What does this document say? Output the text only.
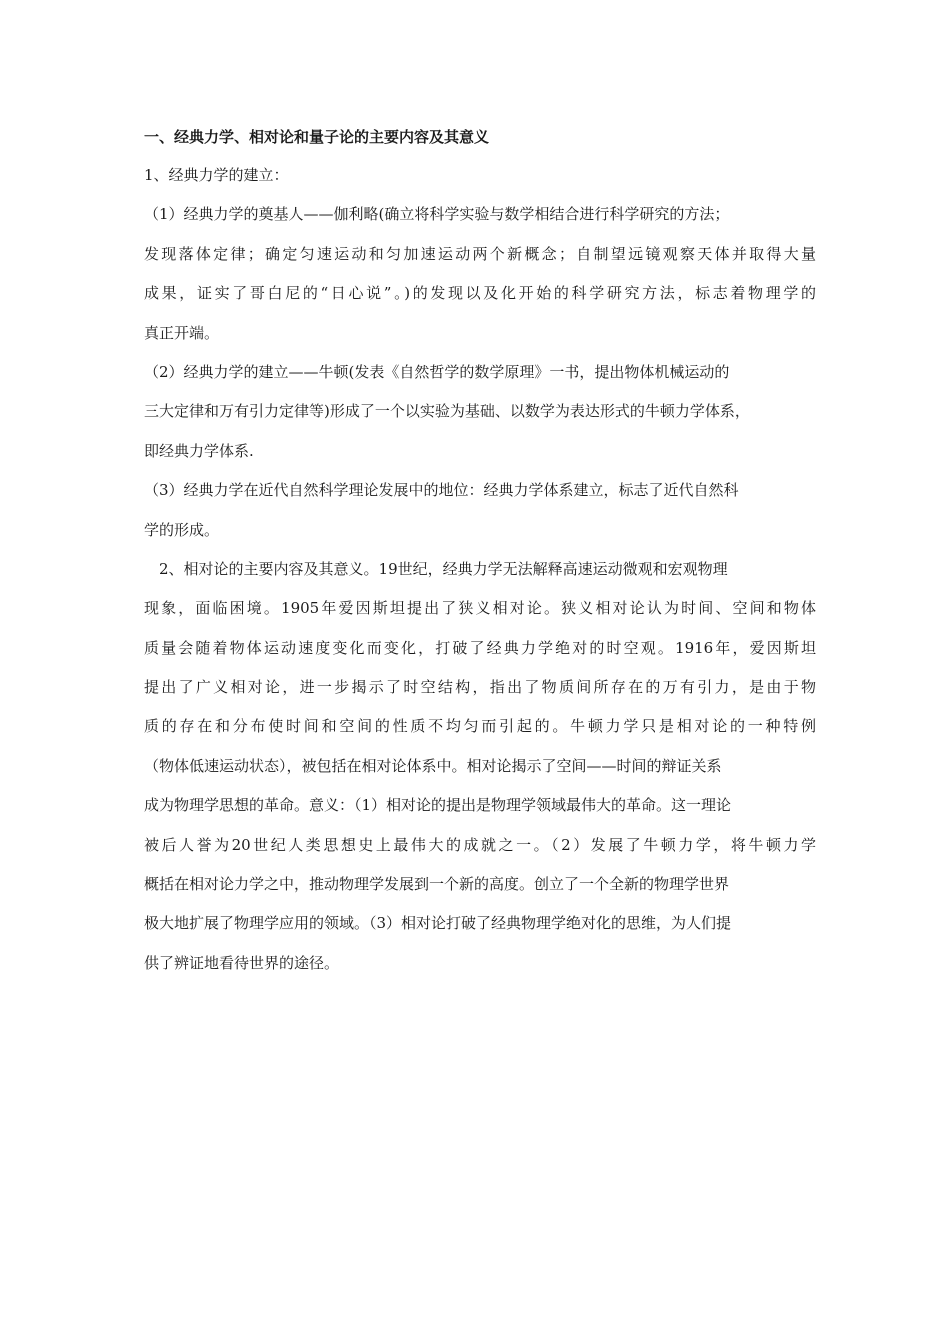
一、经典力学、相对论和量子论的主要内容及其意义

1、经典力学的建立：

（1）经典力学的奠基人——伽利略(确立将科学实验与数学相结合进行科学研究的方法；

发现落体定律；确定匀速运动和匀加速运动两个新概念；自制望远镜观察天体并取得大量

成果，证实了哥白尼的“日心说”。)的发现以及化开始的科学研究方法，标志着物理学的

真正开端。

（2）经典力学的建立——牛顿(发表《自然哲学的数学原理》一书，提出物体机械运动的

三大定律和万有引力定律等)形成了一个以实验为基础、以数学为表达形式的牛顿力学体系，

即经典力学体系.

（3）经典力学在近代自然科学理论发展中的地位：经典力学体系建立，标志了近代自然科

学的形成。

　2、相对论的主要内容及其意义。19世纪，经典力学无法解释高速运动微观和宏观物理

现象，面临困境。1905年爱因斯坦提出了狭义相对论。狭义相对论认为时间、空间和物体

质量会随着物体运动速度变化而变化，打破了经典力学绝对的时空观。1916年，爱因斯坦

提出了广义相对论，进一步揭示了时空结构，指出了物质间所存在的万有引力，是由于物

质的存在和分布使时间和空间的性质不均匀而引起的。牛顿力学只是相对论的一种特例

（物体低速运动状态），被包括在相对论体系中。相对论揭示了空间——时间的辩证关系

成为物理学思想的革命。意义：（1）相对论的提出是物理学领域最伟大的革命。这一理论

被后人誉为20世纪人类思想史上最伟大的成就之一。（2）发展了牛顿力学，将牛顿力学

概括在相对论力学之中，推动物理学发展到一个新的高度。创立了一个全新的物理学世界

极大地扩展了物理学应用的领域。（3）相对论打破了经典物理学绝对化的思维，为人们提

供了辨证地看待世界的途径。
